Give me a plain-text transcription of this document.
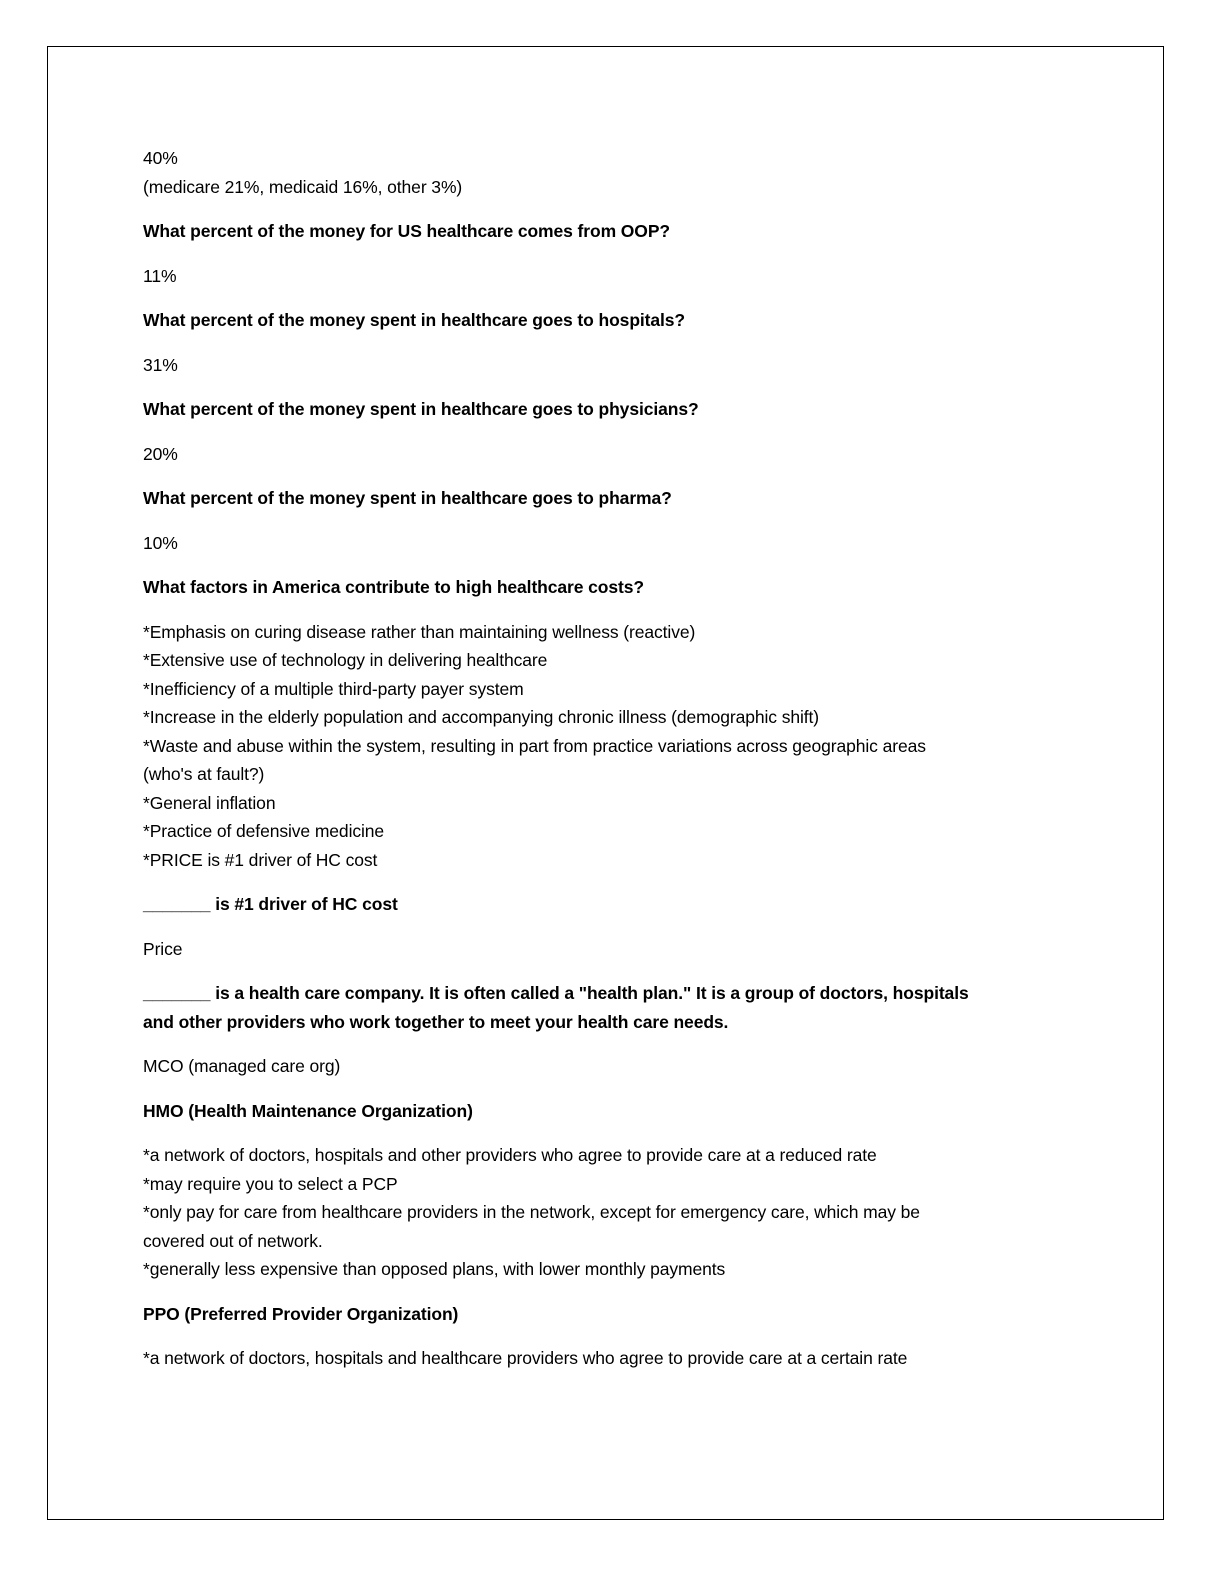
40%
(medicare 21%, medicaid 16%, other 3%)
What percent of the money for US healthcare comes from OOP?
11%
What percent of the money spent in healthcare goes to hospitals?
31%
What percent of the money spent in healthcare goes to physicians?
20%
What percent of the money spent in healthcare goes to pharma?
10%
What factors in America contribute to high healthcare costs?
*Emphasis on curing disease rather than maintaining wellness (reactive)
*Extensive use of technology in delivering healthcare
*Inefficiency of a multiple third-party payer system
*Increase in the elderly population and accompanying chronic illness (demographic shift)
*Waste and abuse within the system, resulting in part from practice variations across geographic areas
(who's at fault?)
*General inflation
*Practice of defensive medicine
*PRICE is #1 driver of HC cost
_______ is #1 driver of HC cost
Price
_______ is a health care company. It is often called a "health plan." It is a group of doctors, hospitals
and other providers who work together to meet your health care needs.
MCO (managed care org)
HMO (Health Maintenance Organization)
*a network of doctors, hospitals and other providers who agree to provide care at a reduced rate
*may require you to select a PCP
*only pay for care from healthcare providers in the network, except for emergency care, which may be
covered out of network.
*generally less expensive than opposed plans, with lower monthly payments
PPO (Preferred Provider Organization)
*a network of doctors, hospitals and healthcare providers who agree to provide care at a certain rate
